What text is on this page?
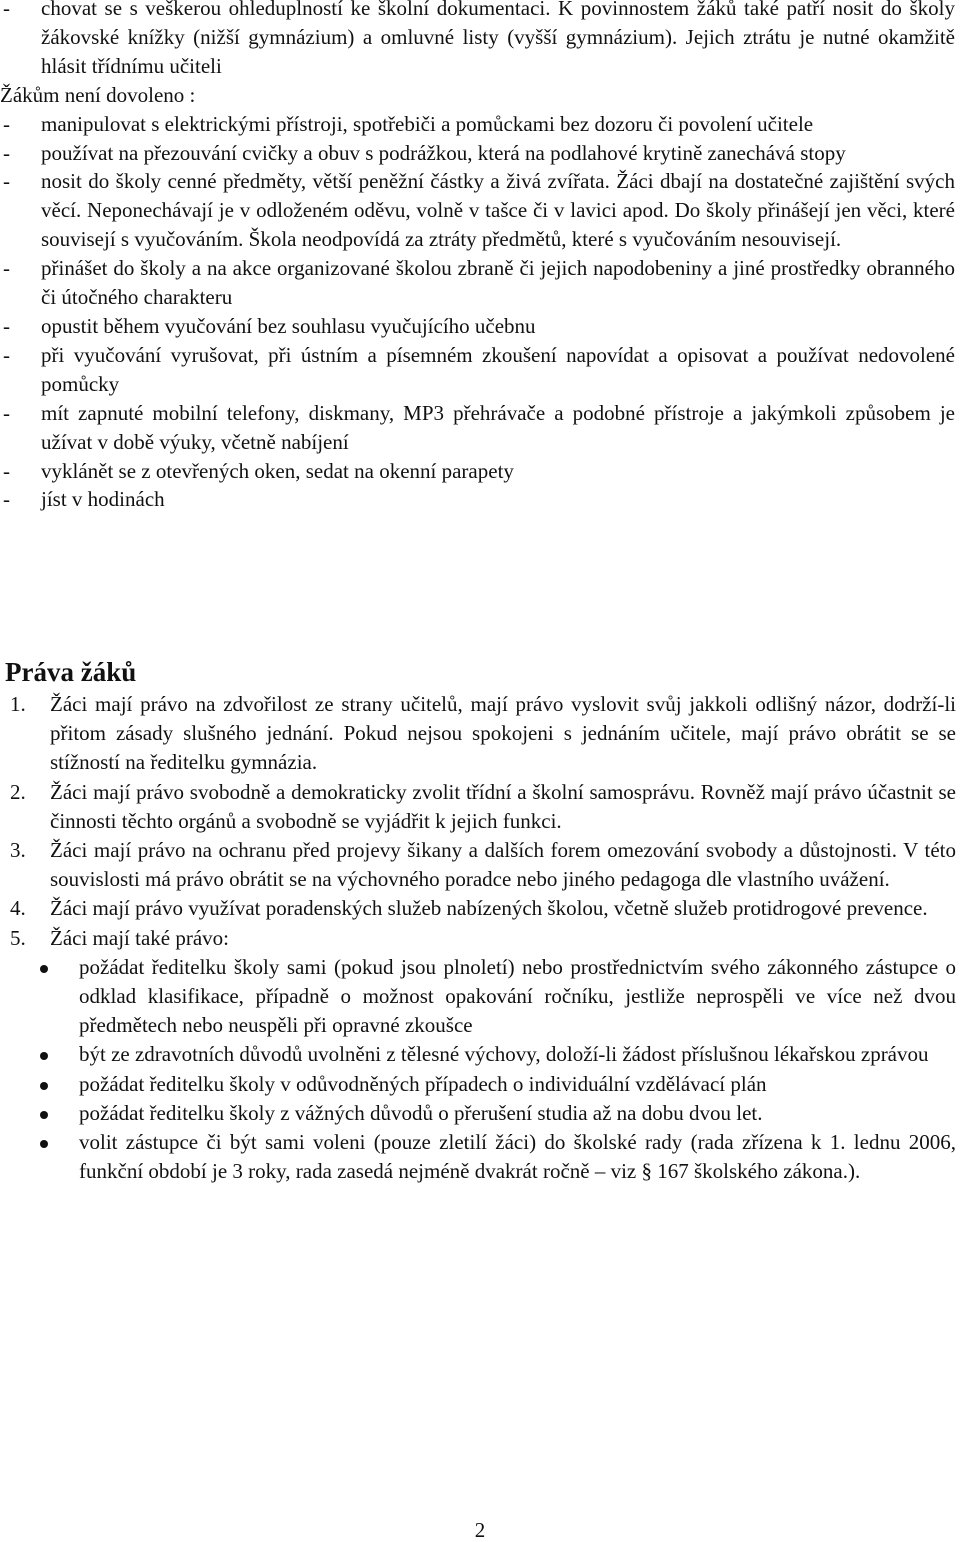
- chovat se s veškerou ohleduplností ke školní dokumentaci. K povinnostem žáků také patří nosit do školy žákovské knížky (nižší gymnázium) a omluvné listy (vyšší gymnázium). Jejich ztrátu je nutné okamžitě hlásit třídnímu učiteli
Žákům není dovoleno :
- manipulovat s elektrickými přístroji, spotřebiči a pomůckami bez dozoru či povolení učitele
- používat na přezouvání cvičky a obuv s podrážkou, která na podlahové krytině zanechává stopy
- nosit do školy cenné předměty, větší peněžní částky a živá zvířata. Žáci dbají na dostatečné zajištění svých věcí. Neponechávají je v odloženém oděvu, volně v tašce či v lavici apod. Do školy přinášejí jen věci, které souvisejí s vyučováním. Škola neodpovídá za ztráty předmětů, které s vyučováním nesouvisejí.
- přinášet do školy a na akce organizované školou zbraně či jejich napodobeniny a jiné prostředky obranného či útočného charakteru
- opustit během vyučování bez souhlasu vyučujícího učebnu
- při vyučování vyrušovat, při ústním a písemném zkoušení napovídat a opisovat a používat nedovolené pomůcky
- mít zapnuté mobilní telefony, diskmany, MP3 přehrávače a podobné přístroje a jakýmkoli způsobem je užívat v době výuky, včetně nabíjení
- vyklánět se z otevřených oken, sedat na okenní parapety
- jíst v hodinách
Práva žáků
1. Žáci mají právo na zdvořilost ze strany učitelů, mají právo vyslovit svůj jakkoli odlišný názor, dodrží-li přitom zásady slušného jednání. Pokud nejsou spokojeni s jednáním učitele, mají právo obrátit se se stížností na ředitelku gymnázia.
2. Žáci mají právo svobodně a demokraticky zvolit třídní a školní samosprávu. Rovněž mají právo účastnit se činnosti těchto orgánů a svobodně se vyjádřit k jejich funkci.
3. Žáci mají právo na ochranu před projevy šikany a dalších forem omezování svobody a důstojnosti. V této souvislosti má právo obrátit se na výchovného poradce nebo jiného pedagoga dle vlastního uvážení.
4. Žáci mají právo využívat poradenských služeb nabízených školou, včetně služeb protidrogové prevence.
5. Žáci mají také právo:
požádat ředitelku školy sami (pokud jsou plnoletí) nebo prostřednictvím svého zákonného zástupce o odklad klasifikace, případně o možnost opakování ročníku, jestliže neprospěli ve více než dvou předmětech nebo neuspěli při opravné zkoušce
být ze zdravotních důvodů uvolněni z tělesné výchovy, doloží-li žádost příslušnou lékařskou zprávou
požádat ředitelku školy v odůvodněných případech o individuální vzdělávací plán
požádat ředitelku školy z vážných důvodů o přerušení studia až na dobu dvou let.
volit zástupce či být sami voleni (pouze zletilí žáci) do školské rady (rada zřízena k 1. lednu 2006, funkční období je 3 roky, rada zasedá nejméně dvakrát ročně – viz § 167 školského zákona.).
2
